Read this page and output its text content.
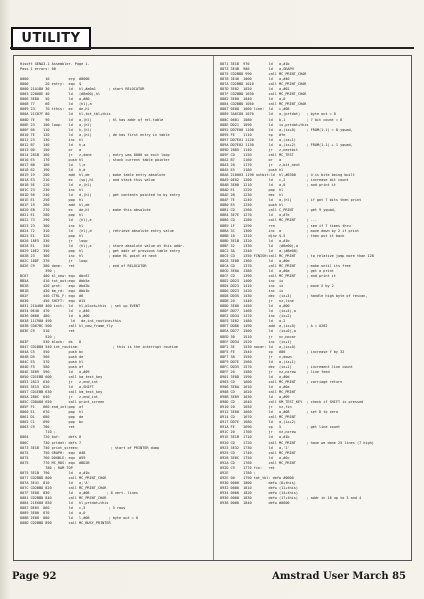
UTILITY
Hisoft GENA3.1 Assembler. Page 1.
Pass 1 errors: 00
0000        10         org  #8000
8000        20 entry:  equ  $
8000 21A180 30         ld   hl,#a0a1      ; start RELOCATOR
8003 22008E 40         ld   (#8e00),hl
8006 3E80   50         ld   a,#80
8008 77     60         ld   (hl),a
8009 23     70 tthis:  ex   de,hl
800A 21C87F 80         ld   hl,tot_tbl+this
800D 7E     90         ld   a,(hl)        ; hl has addr of rel.table
800E 23    100 loop:   ld   a,(hl)
800F 66    110         ld   h,(hl)
8010 7E    120         ld   a,(hl)        ; de has first entry in table
8011 23    130         inc  hl
8012 B7    140         ld   h,a
8013 00    150         or   a
8014 281B  160         jr   z,done        ; entry was 0000 so exit loop
8016 E5    170         push hl            ; stack current table pointer
8017 6B    180         ld   l,e
8018 62    190         ld   h,d
8019 19    200         add  hl,de         ; make table entry absolute
801A E3    210         ex   (sp),hl       ; and stack this value
801B 5E    220         ld   e,(hl)
801C 23    230         inc  hl
801D 56    240         ld   d,(hl)        ; get contents pointed to by entry
801E E1    250         pop  hl
801F 19    260         add  hl,de
8020 EB    270         ex   de,hl         ; make this absolute
8021 E1    280         pop  hl
8022 73    290         ld   (hl),e
8023 23    300         inc  hl
8024 72    310         ld   (hl),d        ; retrieve absolute entry value
8025 E1    320         pop  hl
8026 18E5  330         jr   loop
8028 E1    340         ld   (hl),e        ; store absolute value at this addr.
8029 18E2  350         pop  hl            ; get addr of previous table entry
802B 23    360         inc  hl            ; make HL point at next
802C 18DF  370         jr   loop
802E C9    380 done:   ret                ; end of RELOCATOR
390 ;
BC67       400 kl_new: equ  #bc67
BB5A       410 txt_out:equ  #bb5a
BD2B       420 prnt:   equ  #bd2b
BB1B       430 km_rd:  equ  #bb1b
802F       440 CTRL_F: equ  #6
8030       450 SHIFT:  equ  #15
8031 21A480 460 init:  ld   hl,block+this  ; set up EVENT
8034 0E40  470         ld   c,#40
8036 0600  480         ld   b,#00
8038 11C980 490         ld   de,int_routine+this
803B CD67BC 500        call kl_new_frame_fly
803E C9    510         ret
520 ;
803F       530 block:  ds   8
8047 CD1B80 540 int_routine:                ; this is the interrupt routine
804A C5    550         push bc
804B D5    560         push de
804C E5    570         push hl
804D F5    580         push af
804E 3E09  590         ld   a,#09
8050 CD1EBB 600        call km_test_key
8053 2813  610         jr   z,end_int
8055 3E15  620         ld   a,SHIFT
8057 CD1EBB 630        call km_test_key
805A 280C  640         jr   z,end_int
805C CD8A80 650        call print_screen
805F F1    660 end_int:pop  af
8060 E1    670         pop  hl
8061 D1    680         pop  de
8062 C1    690         pop  bc
8063 C9    700         ret
710 ;
8064       720 buf:    defs 8
806C       730 prtdat: defs 7
8073 3E1B  740 print_screen:               ; start of PRINTER dump
8075       750 GRAPH:  equ  #4B
8075       760 DOUBLE: equ  #59
8075       770 MC_RDS: equ  #BD2B
780 ; RAM TOP
8075 3E1B  790         ld   a,#1b
8077 CD2BBD 800        call MC_PRINT_CHAR
807A 3E41  810         ld   a,'A'
807C CD2BBD 820        call MC_PRINT_CHAR
807F 3E08  830         ld   a,#08        ; 8 vert. lines
8081 CD2BBD 840        call MC_PRINT_CHAR
8084 21E680 850        ld   hl,prtdat+this
8087 0E05  860         ld   c,5           ; 5 rows
8089 3E00  870         ld   a,0
808B 2E08  880         ld   l,#08         ; byte out = 0
808D CD2BBD 890        call MC_BUSY_PRINTER
8871 3E1B  970         ld   a,#1b
8873 3E4B  980         ld   a,GRAPH
8875 CD2BBD 990        call MC_PRINT_CHAR
8878 3E40  1000        ld   a,#40
887A CD2BBD 1010       call MC_PRINT_CHAR
887D 3E02  1020        ld   a,#02
887F CD2BBD 1030       call MC_PRINT_CHAR
8882 3E00  1040        ld   a,0
8884 CD2BBD 1050       call MC_PRINT_CHAR
8887 0E08  1060 line:  ld   c,#08
8889 3A6C80 1070       ld   a,(prtdat)   ; byte out = 0
888C 0601  1080        ld   b,1          ; 7 bit count = 8
888E DD21  1090        ld   ix,prtdat+this
8892 DD7E00 1100       ld   a,(ix+0)     ; FROM(1-1) = 8 yquad,
8895 FE    1110        cp   #fe
8897 DD7E01 1120       ld   a,(ix+1)
889A DD7E02 1130       ld   a,(ix+2)     ; FROM(1-1) + 1 yquad,
889D 2805  1140        jr   z,nextbit
889F CD    1150        call MC_TEST
88A2 B7    1160        or   a
88A3 28    1170        jr   z,bit_next
88A5 E5    1180        push hl
88A6 210003 1190 nxtbit:ld  hl,#0300     ; 4 is bite being built
88A9 0E02  1200        ld   c,2          ; increase bit count
88AB 3E00  1210        ld   a,0          ; and print it
88AD E1    1220        pop  hl
88AE 2B    1230        dec  hl
88AF 7E    1240        ld   a,(hl)       ; if got 7 bits then print
88B0 E5    1250        push hl
88B1 CD    1260        call C_PRINT      ; get 9 yquad,
88B4 3E7E  1270        ld   a,#7e
88B6 CD    1280        call MC_PRINT     ; ...
88B9 1F    1290        rra               ; see if 7 times thru
88BA 3C    1300        inc  a            ; move down by 2 if print
88BB 10    1310        djnz $-5          ; then put it back
88BD 3E1B  1320        ld   a,#1b
88BF 32    1330        ld   (#8e00),a
88C2 3A    1340        ld   a,(#8e00)
88C5 CD    1350 FINISH:call MC_PRINT     ; to relative jump more than 128
88C8 3E0D  1360        ld   a,#0d
88CA CD    1370        call MC_PRINT     ; make until its free
88CD 3E0A  1380        ld   a,#0a        ; get a print
88CF CD    1390        call MC_PRINT     ; and print it
88D2 DD23  1400        inc  ix
88D4 DD23  1410        inc  ix           ; move X by 2
88D6 DD23  1420        inc  ix
88D8 DD35  1430        dec  (ix+3)       ; handle high byte of rescan,
88DB 20    1440        jr   nz,line
88DD 3E00  1450        ld   a,#00
88DF DD77  1460        ld   (ix+4),a
88E2 DD34  1470        inc  (ix+2)
88E5 3E02  1480        ld   a,2
88E7 DD86  1490        add  a,(ix+0)     ; A = A282
88EA DD77  1500        ld   (ix+0),a
88ED 30    1510        jr   nc,nocar
88EF DD34  1520        inc  (ix+1)
88F2 3E    1530 nocar: ld   a,(ix+0)
88F5 FE    1540        cp   #80          ; increase Y by 32
88F7 38    1550        jr   c,down
88F9 DD7E  1560        ld   a,(ix+1)
88FC DD35  1570        dec  (ix+1)       ; increment line count
88FF 20    1580        jr   nz,nxrow     ; line feed
8901 3E0D  1590        ld   a,#0d
8903 CD    1600        call MC_PRINT     ; carriage return
8906 3E0A  1610        ld   a,#0a
8908 CD    1620        call MC_PRINT
890B 3E09  1630        ld   a,#09
890D CD    1640        call KM_TEST_KEY  ; check if SHIFT is pressed
8910 20    1650        jr   nz,fin
8912 3E08  1660        ld   a,#08        ; set D to zero
8914 CD    1670        call MC_PRINT
8917 DD7E  1680        ld   a,(ix+2)
891A FE    1690        cp   5            ; get line count
891C 20    1700        jr   nz,nxrow
891E 3E1B  1710        ld   a,#1b
8920 CD    1720        call MC_PRINT     ; have we done 25 lines (7 high)
8923 3E32  1730        ld   a,'2'
8925 CD    1740        call MC_PRINT
8928 3E0C  1750        ld   a,#0c
892A CD    1760        call MC_PRINT
892D C9    1770 fin:   ret
892E       1780 ;
892E 00    1790 tot_tbl: defw #0000
8930 0000  1800        defw (8+this)
8932 0000  1810        defw (11+this)
8934 0000  1820        defw (14+this)
8936 0000  1830        defw (17+this)    ; addr in 16 up to 3 and 4
8938 0000  1840        defw #0000
Page 92	Amstrad User March 85
